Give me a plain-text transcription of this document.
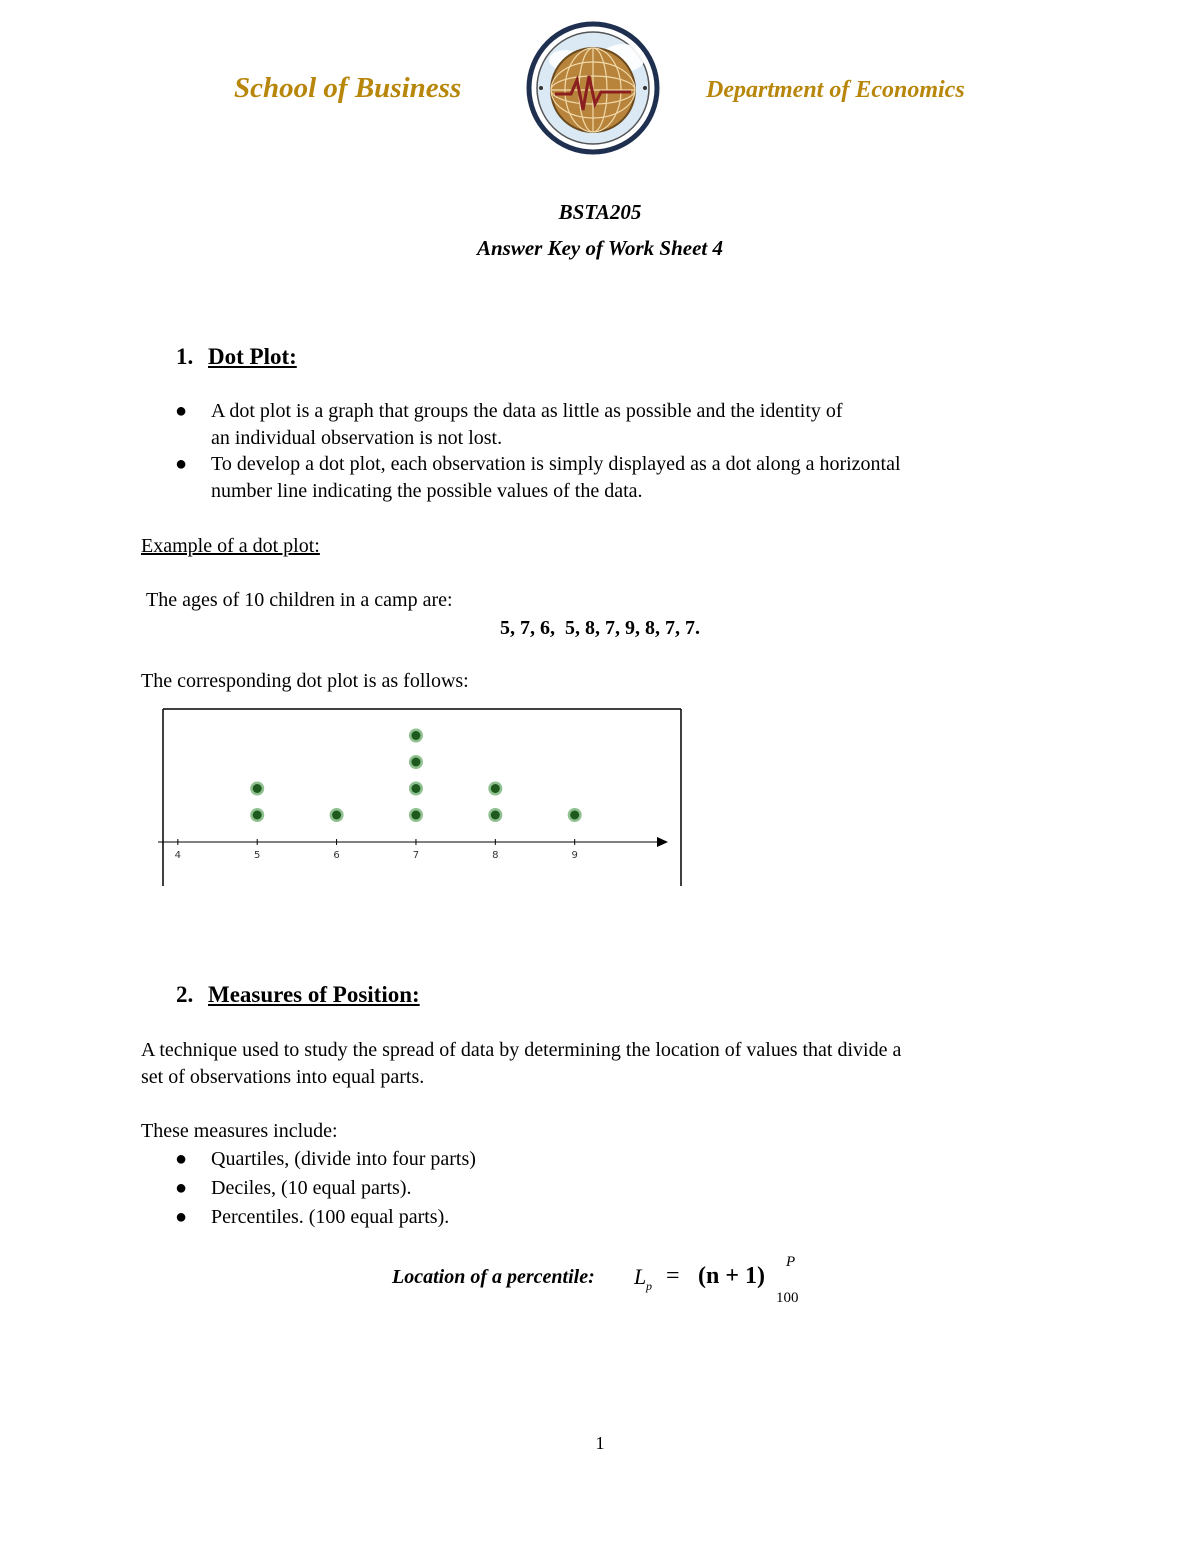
School of Business	Department of Economics
BSTA205
Answer Key of Work Sheet 4
1. Dot Plot:
● A dot plot is a graph that groups the data as little as possible and the identity of
an individual observation is not lost.
● To develop a dot plot, each observation is simply displayed as a dot along a horizontal
number line indicating the possible values of the data.
Example of a dot plot:
The ages of 10 children in a camp are:
5, 7, 6,  5, 8, 7, 9, 8, 7, 7.
The corresponding dot plot is as follows:
4	5	6	7	8	9
2. Measures of Position:
A technique used to study the spread of data by determining the location of values that divide a
set of observations into equal parts.
These measures include:
● Quartiles, (divide into four parts)
● Deciles, (10 equal parts).
● Percentiles. (100 equal parts).
Location of a percentile: L p = (n + 1)
P
100
1
